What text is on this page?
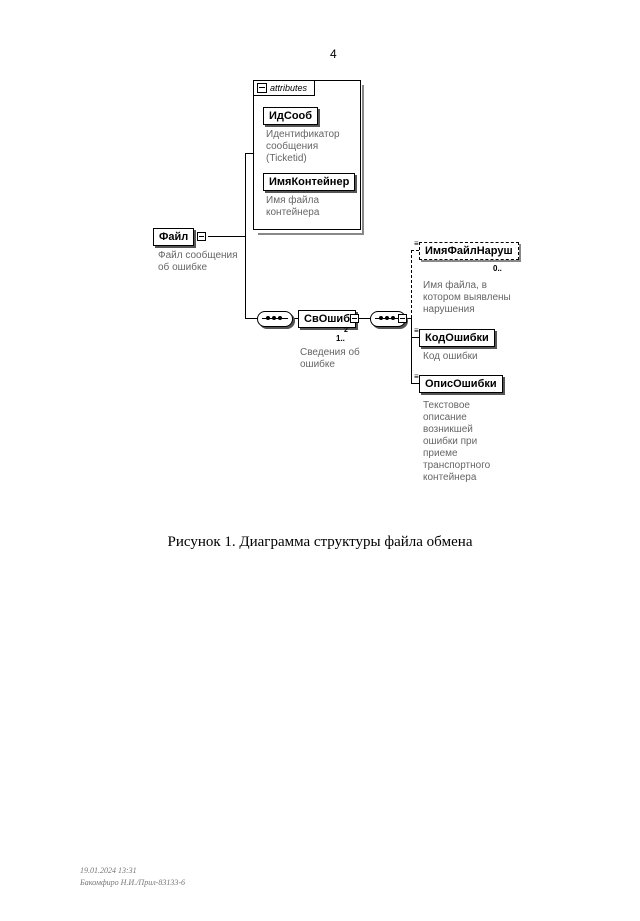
4
attributes
ИдСооб
Идентификатор
сообщения
(Ticketid)
ИмяКонтейнер
Имя файла
контейнера
Файл
Файл сообщения
об ошибке
СвОшиб
1..
2
Сведения об
ошибке
≡ ИмяФайлНаруш
0..
Имя файла, в
котором выявлены
нарушения
≡ КодОшибки
Код ошибки
≡ ОписОшибки
Текстовое
описание
возникшей
ошибки при
приеме
транспортного
контейнера
Рисунок 1. Диаграмма структуры файла обмена
19.01.2024 13:31
Бакомфиро Н.И./Прил-83133-6
